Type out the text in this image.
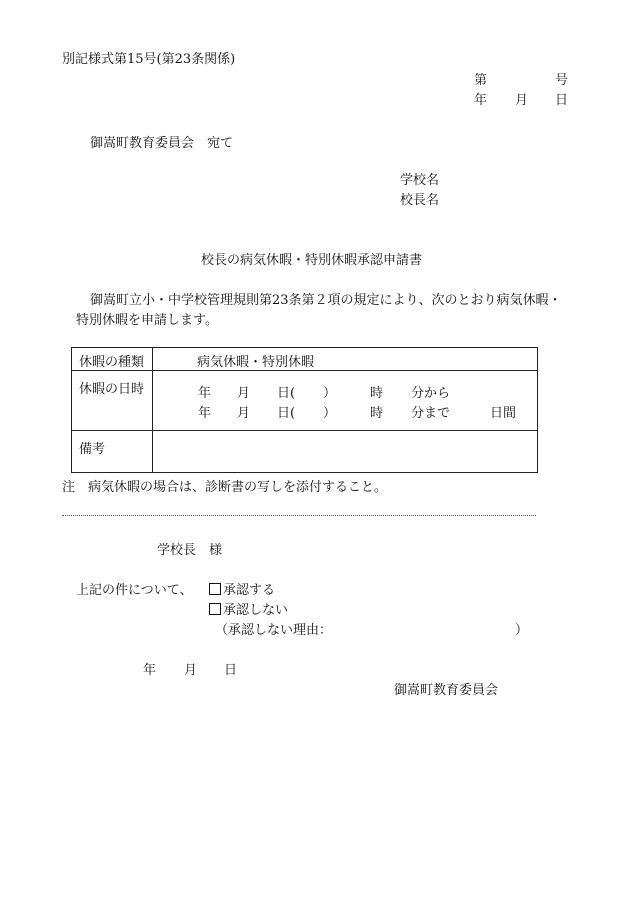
別記様式第15号(第23条関係)
第	号
年 月 日
御嵩町教育委員会　宛て
学校名
校長名
校長の病気休暇・特別休暇承認申請書
御嵩町立小・中学校管理規則第23条第２項の規定により、次のとおり病気休暇・
特別休暇を申請します。
休暇の種類	病気休暇・特別休暇
休暇の日時	年 月 日( ）	時 分から
年 月 日( ）	時 分まで	日間
備考
注　病気休暇の場合は、診断書の写しを添付すること。
学校長　様
上記の件について、	承認する
承認しない
（承認しない理由：	）
年 月 日
御嵩町教育委員会
